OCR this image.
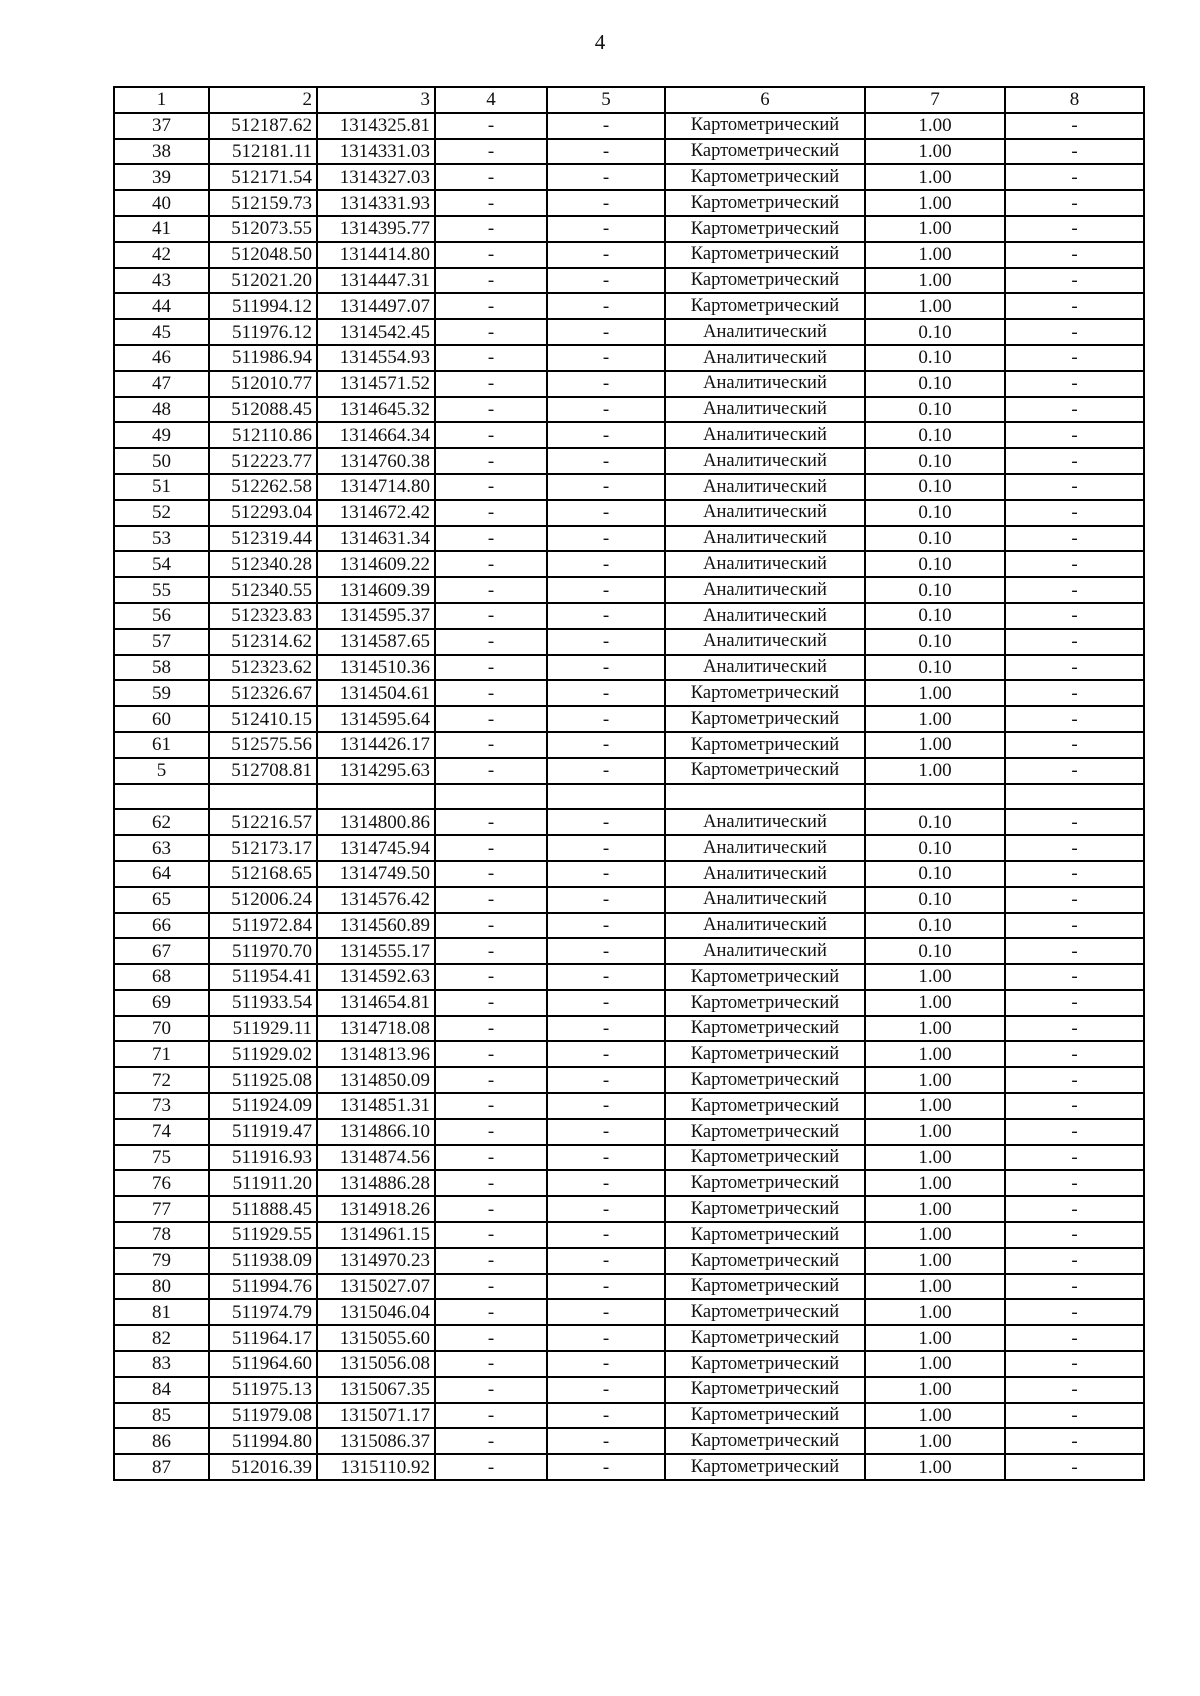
4
1	2	3	4	5	6	7	8
37	512187.62	1314325.81	-	-	Картометрический	1.00	-
38	512181.11	1314331.03	-	-	Картометрический	1.00	-
39	512171.54	1314327.03	-	-	Картометрический	1.00	-
40	512159.73	1314331.93	-	-	Картометрический	1.00	-
41	512073.55	1314395.77	-	-	Картометрический	1.00	-
42	512048.50	1314414.80	-	-	Картометрический	1.00	-
43	512021.20	1314447.31	-	-	Картометрический	1.00	-
44	511994.12	1314497.07	-	-	Картометрический	1.00	-
45	511976.12	1314542.45	-	-	Аналитический	0.10	-
46	511986.94	1314554.93	-	-	Аналитический	0.10	-
47	512010.77	1314571.52	-	-	Аналитический	0.10	-
48	512088.45	1314645.32	-	-	Аналитический	0.10	-
49	512110.86	1314664.34	-	-	Аналитический	0.10	-
50	512223.77	1314760.38	-	-	Аналитический	0.10	-
51	512262.58	1314714.80	-	-	Аналитический	0.10	-
52	512293.04	1314672.42	-	-	Аналитический	0.10	-
53	512319.44	1314631.34	-	-	Аналитический	0.10	-
54	512340.28	1314609.22	-	-	Аналитический	0.10	-
55	512340.55	1314609.39	-	-	Аналитический	0.10	-
56	512323.83	1314595.37	-	-	Аналитический	0.10	-
57	512314.62	1314587.65	-	-	Аналитический	0.10	-
58	512323.62	1314510.36	-	-	Аналитический	0.10	-
59	512326.67	1314504.61	-	-	Картометрический	1.00	-
60	512410.15	1314595.64	-	-	Картометрический	1.00	-
61	512575.56	1314426.17	-	-	Картометрический	1.00	-
5	512708.81	1314295.63	-	-	Картометрический	1.00	-

62	512216.57	1314800.86	-	-	Аналитический	0.10	-
63	512173.17	1314745.94	-	-	Аналитический	0.10	-
64	512168.65	1314749.50	-	-	Аналитический	0.10	-
65	512006.24	1314576.42	-	-	Аналитический	0.10	-
66	511972.84	1314560.89	-	-	Аналитический	0.10	-
67	511970.70	1314555.17	-	-	Аналитический	0.10	-
68	511954.41	1314592.63	-	-	Картометрический	1.00	-
69	511933.54	1314654.81	-	-	Картометрический	1.00	-
70	511929.11	1314718.08	-	-	Картометрический	1.00	-
71	511929.02	1314813.96	-	-	Картометрический	1.00	-
72	511925.08	1314850.09	-	-	Картометрический	1.00	-
73	511924.09	1314851.31	-	-	Картометрический	1.00	-
74	511919.47	1314866.10	-	-	Картометрический	1.00	-
75	511916.93	1314874.56	-	-	Картометрический	1.00	-
76	511911.20	1314886.28	-	-	Картометрический	1.00	-
77	511888.45	1314918.26	-	-	Картометрический	1.00	-
78	511929.55	1314961.15	-	-	Картометрический	1.00	-
79	511938.09	1314970.23	-	-	Картометрический	1.00	-
80	511994.76	1315027.07	-	-	Картометрический	1.00	-
81	511974.79	1315046.04	-	-	Картометрический	1.00	-
82	511964.17	1315055.60	-	-	Картометрический	1.00	-
83	511964.60	1315056.08	-	-	Картометрический	1.00	-
84	511975.13	1315067.35	-	-	Картометрический	1.00	-
85	511979.08	1315071.17	-	-	Картометрический	1.00	-
86	511994.80	1315086.37	-	-	Картометрический	1.00	-
87	512016.39	1315110.92	-	-	Картометрический	1.00	-
